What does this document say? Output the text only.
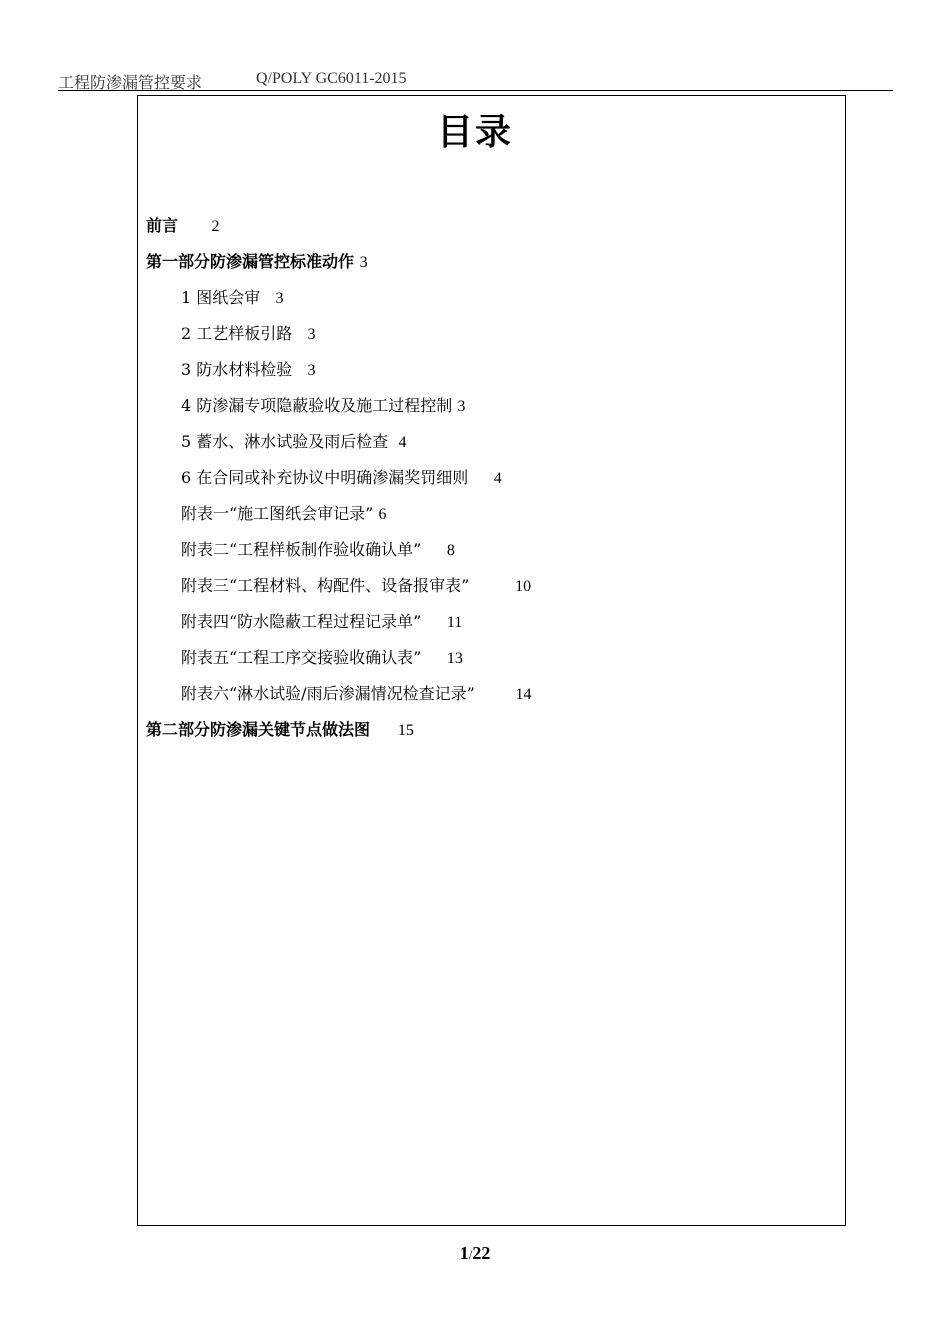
工程防渗漏管控要求	Q/POLY GC6011-2015
目录
前言 2
第一部分防渗漏管控标准动作 3
1 图纸会审 3
2 工艺样板引路 3
3 防水材料检验 3
4 防渗漏专项隐蔽验收及施工过程控制 3
5 蓄水、淋水试验及雨后检查 4
6 在合同或补充协议中明确渗漏奖罚细则 4
附表一“施工图纸会审记录” 6
附表二“工程样板制作验收确认单” 8
附表三“工程材料、构配件、设备报审表”	10
附表四“防水隐蔽工程过程记录单” 11
附表五“工程工序交接验收确认表” 13
附表六“淋水试验/雨后渗漏情况检查记录”	14
第二部分防渗漏关键节点做法图 15
1/22
